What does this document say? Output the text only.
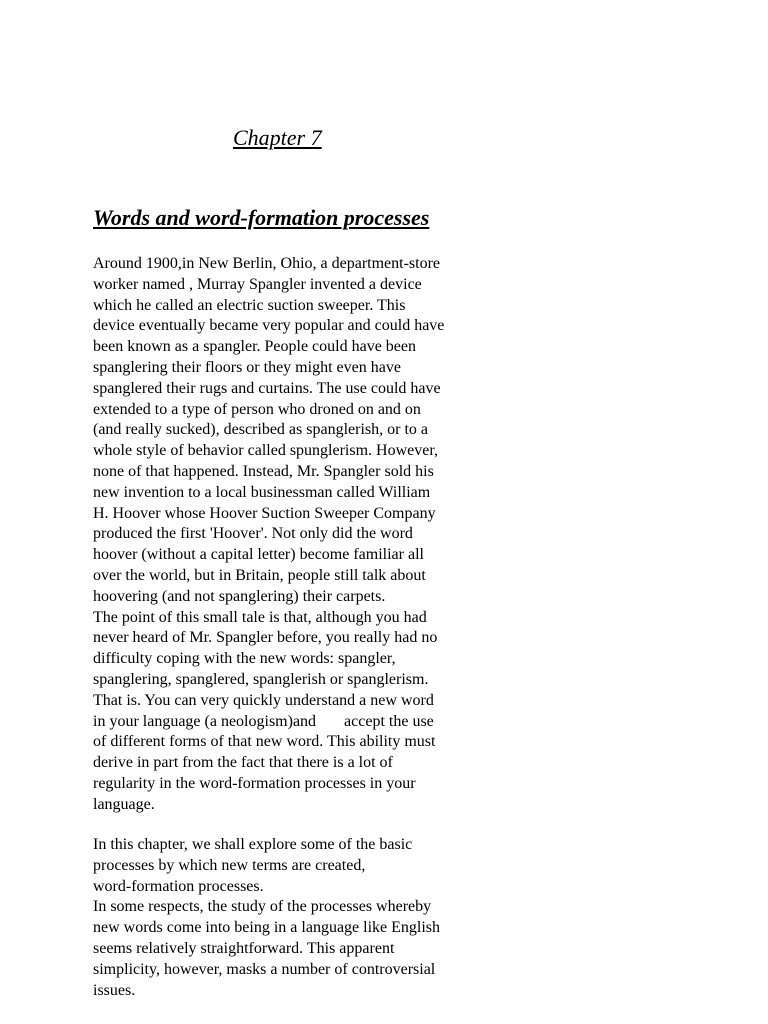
Chapter 7
Words and word-formation processes
Around 1900,in New Berlin, Ohio, a department-store
worker named , Murray Spangler invented a device
which he called an electric suction sweeper. This
device eventually became very popular and could have
been known as a spangler. People could have been
spanglering their floors or they might even have
spanglered their rugs and curtains. The use could have
extended to a type of person who droned on and on
(and really sucked), described as spanglerish, or to a
whole style of behavior called spunglerism. However,
none of that happened. Instead, Mr. Spangler sold his
new invention to a local businessman called William
H. Hoover whose Hoover Suction Sweeper Company
produced the first 'Hoover'. Not only did the word
hoover (without a capital letter) become familiar all
over the world, but in Britain, people still talk about
hoovering (and not spanglering) their carpets.
The point of this small tale is that, although you had
never heard of Mr. Spangler before, you really had no
difficulty coping with the new words: spangler,
spanglering, spanglered, spanglerish or spanglerism.
That is. You can very quickly understand a new word
in your language (a neologism)and       accept the use
of different forms of that new word. This ability must
derive in part from the fact that there is a lot of
regularity in the word-formation processes in your
language.
In this chapter, we shall explore some of the basic
processes by which new terms are created,
word-formation processes.
In some respects, the study of the processes whereby
new words come into being in a language like English
seems relatively straightforward. This apparent
simplicity, however, masks a number of controversial
issues.
